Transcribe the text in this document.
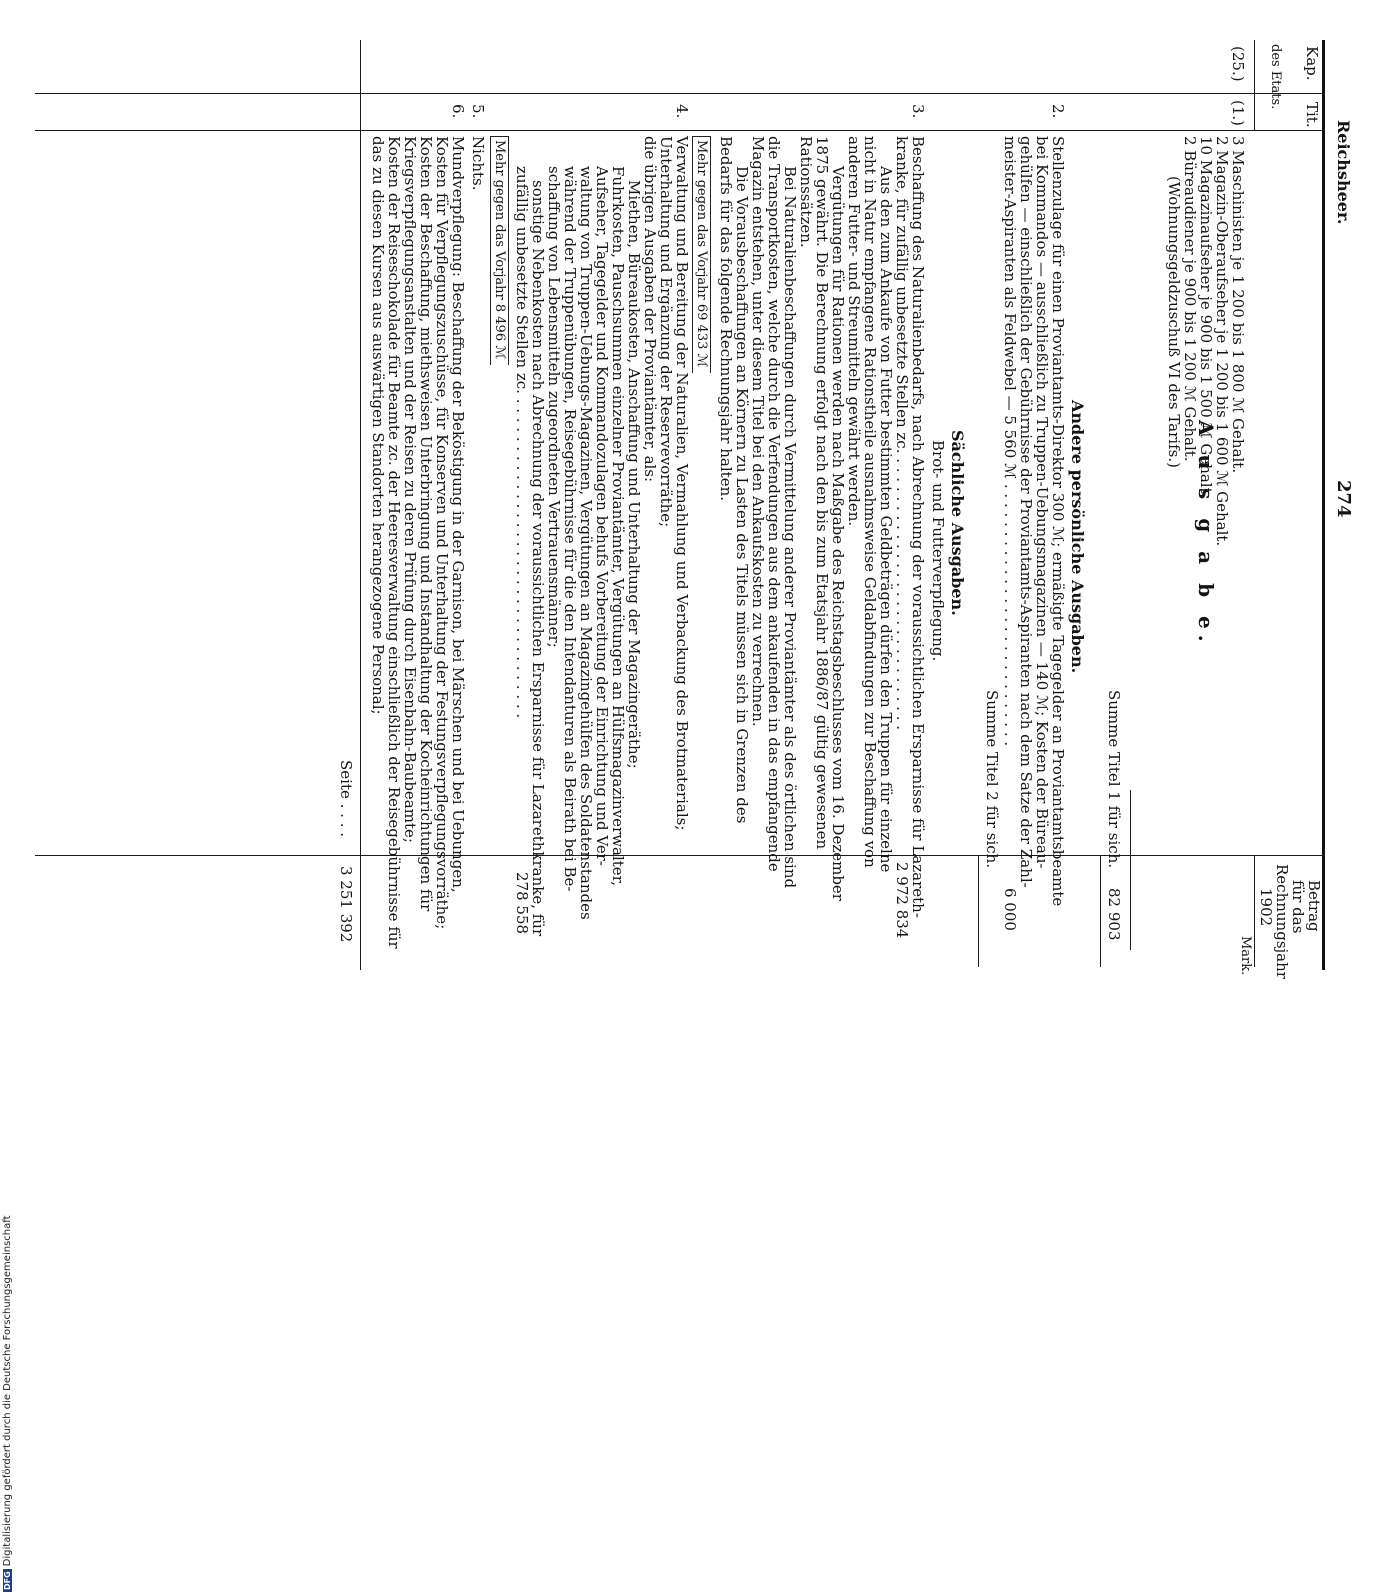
Reichsheer.
274
Kap.
Tit.
des Etats.
Betrag
für das
Rechnungsjahr
1902
Mark.
A u s g a b e.
(25.)
(1.)
3 Maschinisten je 1 200 bis 1 800 ℳ Gehalt.
2 Magazin-Oberaufseher je 1 200 bis 1 600 ℳ Gehalt.
10 Magazinaufseher je 900 bis 1 500 ℳ Gehalt.
2 Büreaudiener je 900 bis 1 200 ℳ Gehalt.
(Wohnungsgeldzuschuß VI des Tarifs.)
Summe Titel 1 für sich.
82 903
Andere persönliche Ausgaben.
2.
Stellenzulage für einen Proviantamts-Direktor 300 ℳ; ermäßigte Tagegelder an Proviantamtsbeamte
bei Kommandos — ausschließlich zu Truppen-Uebungsmagazinen — 140 ℳ; Kosten der Büreau-
gehülfen — einschließlich der Gebührnisse der Proviantamts-Aspiranten nach dem Satze der Zahl-
meister-Aspiranten als Feldwebel — 5 560 ℳ . . . . . . . . . . . . . . . . . . . . . . . . . . . .
Summe Titel 2 für sich.
6 000
Sächliche Ausgaben.
Brot- und Futterverpflegung.
3.
Beschaffung des Naturalienbedarfs, nach Abrechnung der voraussichtlichen Ersparnisse für Lazareth-
kranke, für zufällig unbesetzte Stellen zc. . . . . . . . . . . . . . . . . . . . . . . . . . . . . .
2 972 834
Aus den zum Ankaufe von Futter bestimmten Geldbeträgen dürfen den Truppen für einzelne
nicht in Natur empfangene Rationstheile ausnahmsweise Geldabfindungen zur Beschaffung von
anderen Futter- und Streumitteln gewährt werden.
Vergütungen für Rationen werden nach Maßgabe des Reichstagsbeschlusses vom 16. Dezember
1875 gewährt. Die Berechnung erfolgt nach den bis zum Etatsjahr 1886/87 gültig gewesenen
Rationssätzen.
Bei Naturalienbeschaffungen durch Vermittelung anderer Proviantämter als des örtlichen sind
die Transportkosten, welche durch die Verfendungen aus dem ankaufenden in das empfangende
Magazin entstehen, unter diesem Titel bei den Ankaufskosten zu verrechnen.
Die Vorausbeschaffungen an Körnern zu Lasten des Titels müssen sich in Grenzen des
Bedarfs für das folgende Rechnungsjahr halten.
Mehr gegen das Vorjahr 69 433 ℳ
4.
Verwaltung und Bereitung der Naturalien, Vermahlung und Verbackung des Brotmaterials;
Unterhaltung und Ergänzung der Reservevorräthe;
die übrigen Ausgaben der Proviantämter, als:
Miethen, Büreaukosten, Anschaffung und Unterhaltung der Magazingeräthe;
Fuhrkosten, Pauschsummen einzelner Proviantämter, Vergütungen an Hülfsmagazinverwalter,
Aufseher, Tagegelder und Kommandozulagen behufs Vorbereitung der Einrichtung und Ver-
waltung von Truppen-Uebungs-Magazinen, Vergütungen an Magazingehülfen des Soldatenstandes
während der Truppenübungen, Reisegebührnisse für die den Intendanturen als Beirath bei Be-
schaffung von Lebensmitteln zugeordneten Vertrauensmänner;
sonstige Nebenkosten nach Abrechnung der voraussichtlichen Ersparnisse für Lazarethkranke, für
zufällig unbesetzte Stellen zc. . . . . . . . . . . . . . . . . . . . . . . . . . . . . . . . . . .
278 558
Mehr gegen das Vorjahr 8 496 ℳ
5.
Nichts.
6.
Mundverpflegung: Beschaffung der Beköstigung in der Garnison, bei Märschen und bei Uebungen,
Kosten für Verpflegungszuschüsse, für Konserven und Unterhaltung der Festungsverpflegungsvorräthe;
Kosten der Beschaffung, miethsweisen Unterbringung und Instandhaltung der Kocheinrichtungen für
Kriegsverpflegungsanstalten und der Reisen zu deren Prüfung durch Eisenbahn-Baubeamte;
Kosten der Reiseschokolade für Beamte zc. der Heeresverwaltung einschließlich der Reisegebührnisse für
das zu diesen Kursen aus auswärtigen Standorten herangezogene Personal;
Seite . . . .
3 251 392
DFGDigitalisierung gefördert durch die Deutsche Forschungsgemeinschaft
